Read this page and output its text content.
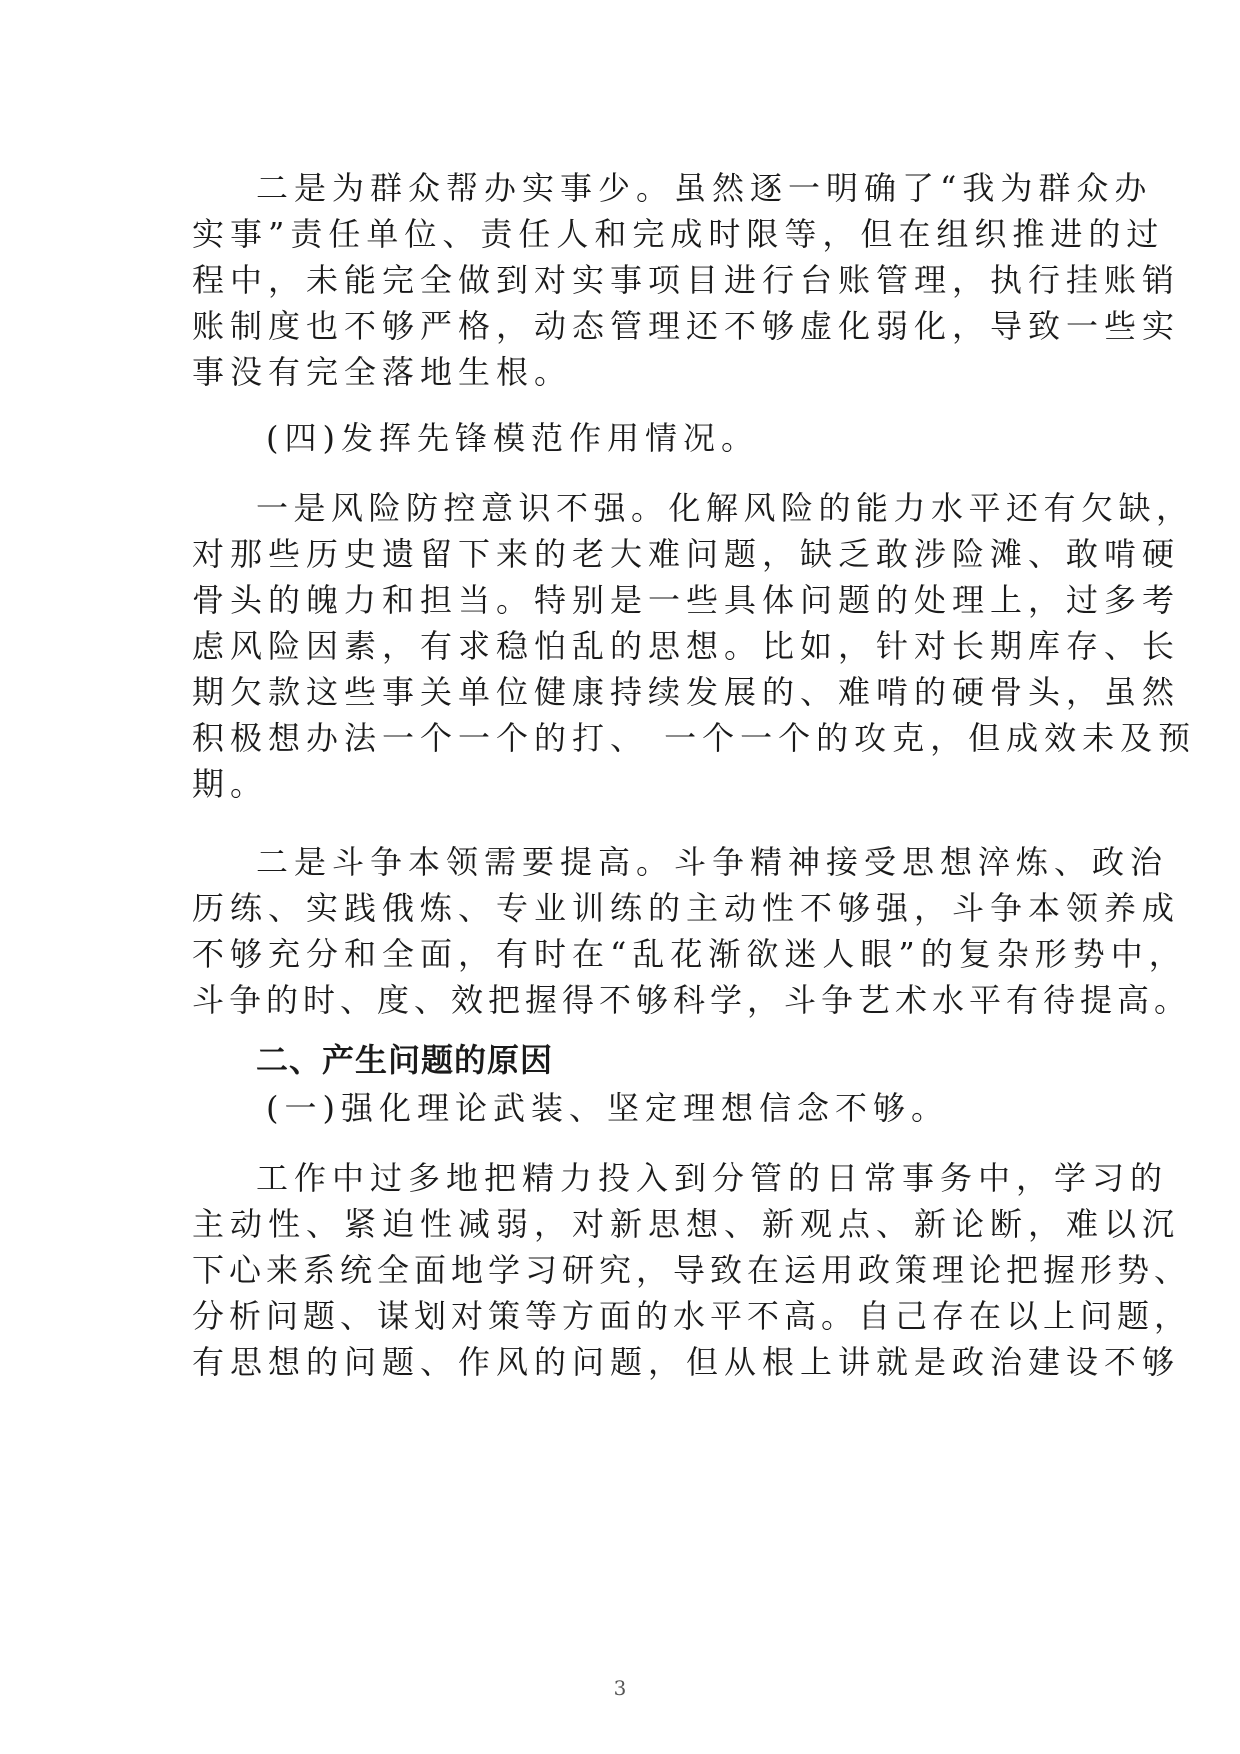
二是为群众帮办实事少。虽然逐一明确了“我为群众办
实事”责任单位、责任人和完成时限等，但在组织推进的过
程中，未能完全做到对实事项目进行台账管理，执行挂账销
账制度也不够严格，动态管理还不够虚化弱化，导致一些实
事没有完全落地生根。
(四)发挥先锋模范作用情况。
一是风险防控意识不强。化解风险的能力水平还有欠缺，
对那些历史遗留下来的老大难问题，缺乏敢涉险滩、敢啃硬
骨头的魄力和担当。特别是一些具体问题的处理上，过多考
虑风险因素，有求稳怕乱的思想。比如，针对长期库存、长
期欠款这些事关单位健康持续发展的、难啃的硬骨头，虽然
积极想办法一个一个的打、 一个一个的攻克，但成效未及预
期。
二是斗争本领需要提高。斗争精神接受思想淬炼、政治
历练、实践俄炼、专业训练的主动性不够强，斗争本领养成
不够充分和全面，有时在“乱花渐欲迷人眼”的复杂形势中，
斗争的时、度、效把握得不够科学，斗争艺术水平有待提高。
二、产生问题的原因
(一)强化理论武装、坚定理想信念不够。
工作中过多地把精力投入到分管的日常事务中，学习的
主动性、紧迫性减弱，对新思想、新观点、新论断，难以沉
下心来系统全面地学习研究，导致在运用政策理论把握形势、
分析问题、谋划对策等方面的水平不高。自己存在以上问题，
有思想的问题、作风的问题，但从根上讲就是政治建设不够
3
